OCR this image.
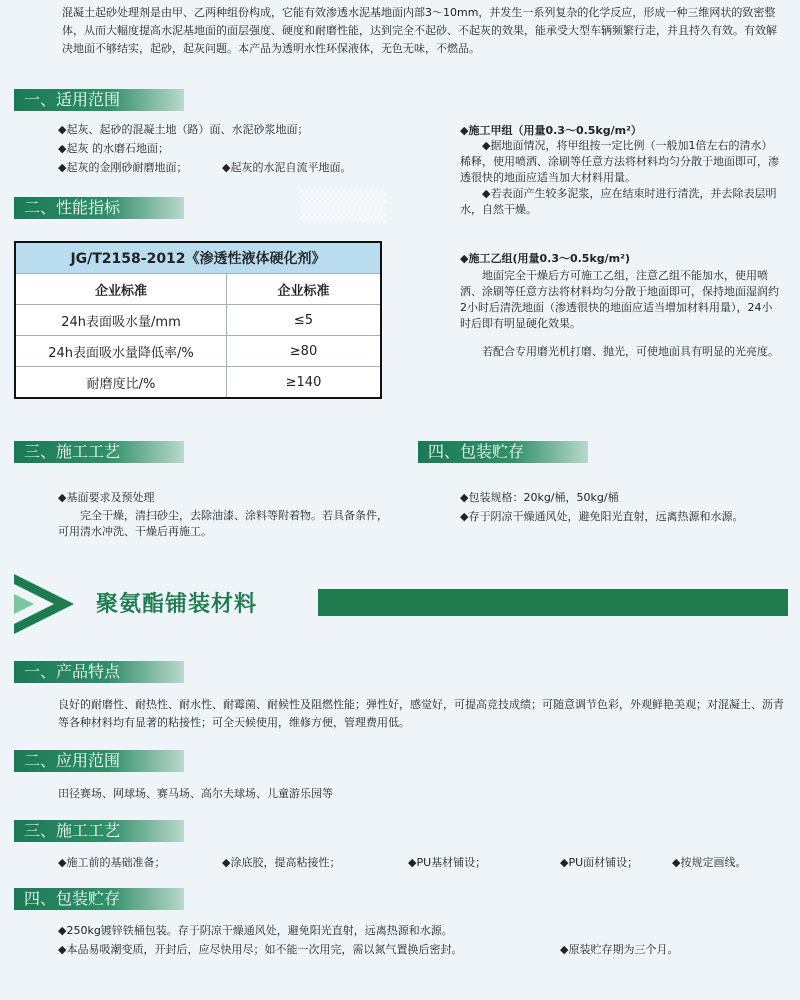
▒▒▒▒
混凝土起砂处理剂是由甲、乙两种组份构成，它能有效渗透水泥基地面内部3～10mm，并发生一系列复杂的化学反应，形成一种三维网状的致密整体，从而大幅度提高水泥基地面的面层强度、硬度和耐磨性能，达到完全不起砂、不起灰的效果，能承受大型车辆频繁行走，并且持久有效。有效解决地面不够结实，起砂，起灰问题。本产品为透明水性环保液体，无色无味，不燃品。
一、适用范围
◆起灰、起砂的混凝土地（路）面、水泥砂浆地面；
◆起灰 的水磨石地面；
◆起灰的金刚砂耐磨地面；	◆起灰的水泥自流平地面。
二、性能指标
JG/T2158-2012《渗透性液体硬化剂》	
企业标准	企业标准
24h表面吸水量/mm	≤5
24h表面吸水量降低率/%	≥80
耐磨度比/%	≥140
◆施工甲组（用量0.3～0.5kg/m²）
◆据地面情况，将甲组按一定比例（一般加1倍左右的清水）稀释，使用喷洒、涂刷等任意方法将材料均匀分散于地面即可，渗透很快的地面应适当加大材料用量。
◆若表面产生较多泥浆，应在结束时进行清洗，并去除表层明水，自然干燥。
◆施工乙组(用量0.3～0.5kg/m²)
地面完全干燥后方可施工乙组，注意乙组不能加水，使用喷洒、涂刷等任意方法将材料均匀分散于地面即可，保持地面湿润约2小时后清洗地面（渗透很快的地面应适当增加材料用量），24小时后即有明显硬化效果。
若配合专用磨光机打磨、抛光，可使地面具有明显的光亮度。
三、施工工艺
◆基面要求及预处理
完全干燥，清扫砂尘，去除油漆、涂料等附着物。若具备条件，可用清水冲洗、干燥后再施工。
四、包装贮存
◆包装规格：20kg/桶，50kg/桶
◆存于阴凉干燥通风处，避免阳光直射，远离热源和水源。
聚氨酯铺装材料
一、产品特点
良好的耐磨性、耐热性、耐水性、耐霉菌、耐候性及阻燃性能；弹性好，感觉好，可提高竞技成绩；可随意调节色彩，外观鲜艳美观；对混凝土、沥青等各种材料均有显著的粘接性；可全天候使用，维修方便，管理费用低。
二、应用范围
田径赛场、网球场、赛马场、高尔夫球场、儿童游乐园等
三、施工工艺
◆施工前的基础准备；	◆涂底胶，提高粘接性；	◆PU基材铺设；	◆PU面材铺设；	◆按规定画线。
四、包装贮存
◆250kg镀锌铁桶包装。存于阴凉干燥通风处，避免阳光直射，远离热源和水源。
◆本品易吸潮变质，开封后，应尽快用尽；如不能一次用完，需以氮气置换后密封。	◆原装贮存期为三个月。
